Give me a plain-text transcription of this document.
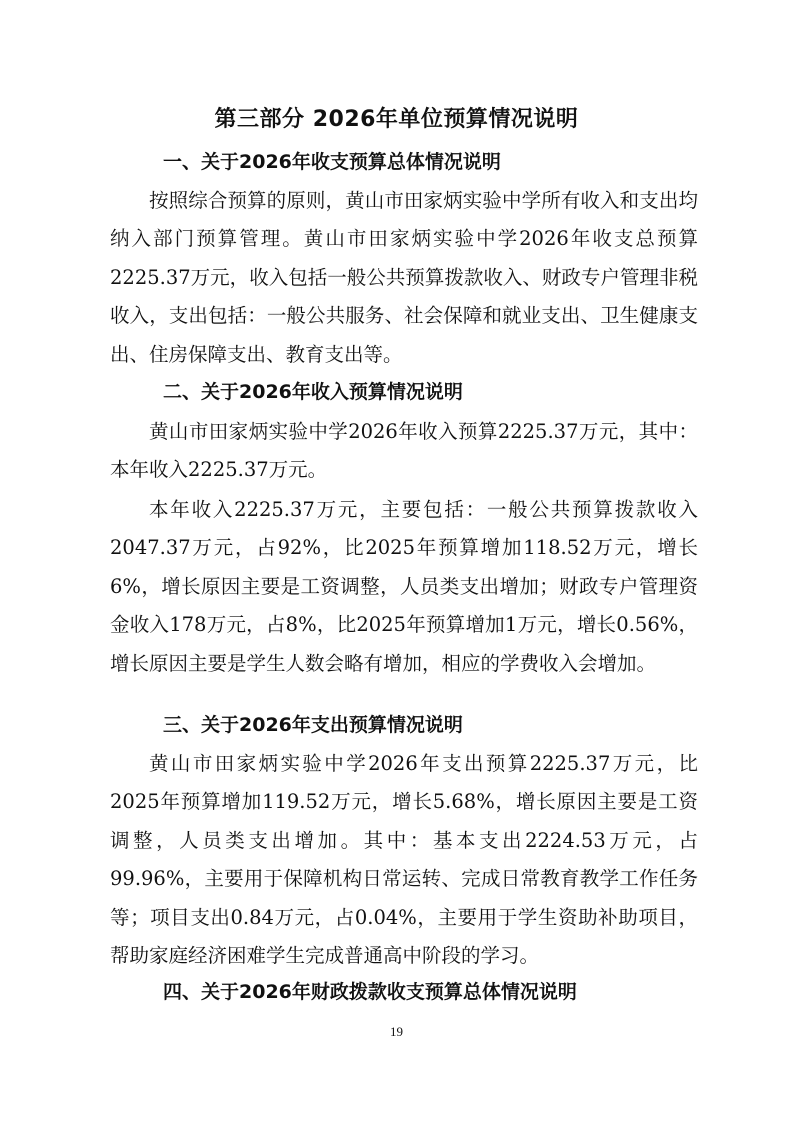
第三部分 2026年单位预算情况说明
一、关于2026年收支预算总体情况说明

按照综合预算的原则，黄山市田家炳实验中学所有收入和支出均纳入部门预算管理。黄山市田家炳实验中学2026年收支总预算2225.37万元，收入包括一般公共预算拨款收入、财政专户管理非税收入，支出包括：一般公共服务、社会保障和就业支出、卫生健康支出、住房保障支出、教育支出等。

二、关于2026年收入预算情况说明

黄山市田家炳实验中学2026年收入预算2225.37万元，其中：本年收入2225.37万元。

本年收入2225.37万元，主要包括：一般公共预算拨款收入2047.37万元，占92%，比2025年预算增加118.52万元，增长6%，增长原因主要是工资调整，人员类支出增加；财政专户管理资金收入178万元，占8%，比2025年预算增加1万元，增长0.56%，增长原因主要是学生人数会略有增加，相应的学费收入会增加。

三、关于2026年支出预算情况说明

黄山市田家炳实验中学2026年支出预算2225.37万元，比2025年预算增加119.52万元，增长5.68%，增长原因主要是工资调整，人员类支出增加。其中：基本支出2224.53万元，占99.96%，主要用于保障机构日常运转、完成日常教育教学工作任务等；项目支出0.84万元，占0.04%，主要用于学生资助补助项目，帮助家庭经济困难学生完成普通高中阶段的学习。

四、关于2026年财政拨款收支预算总体情况说明
19
